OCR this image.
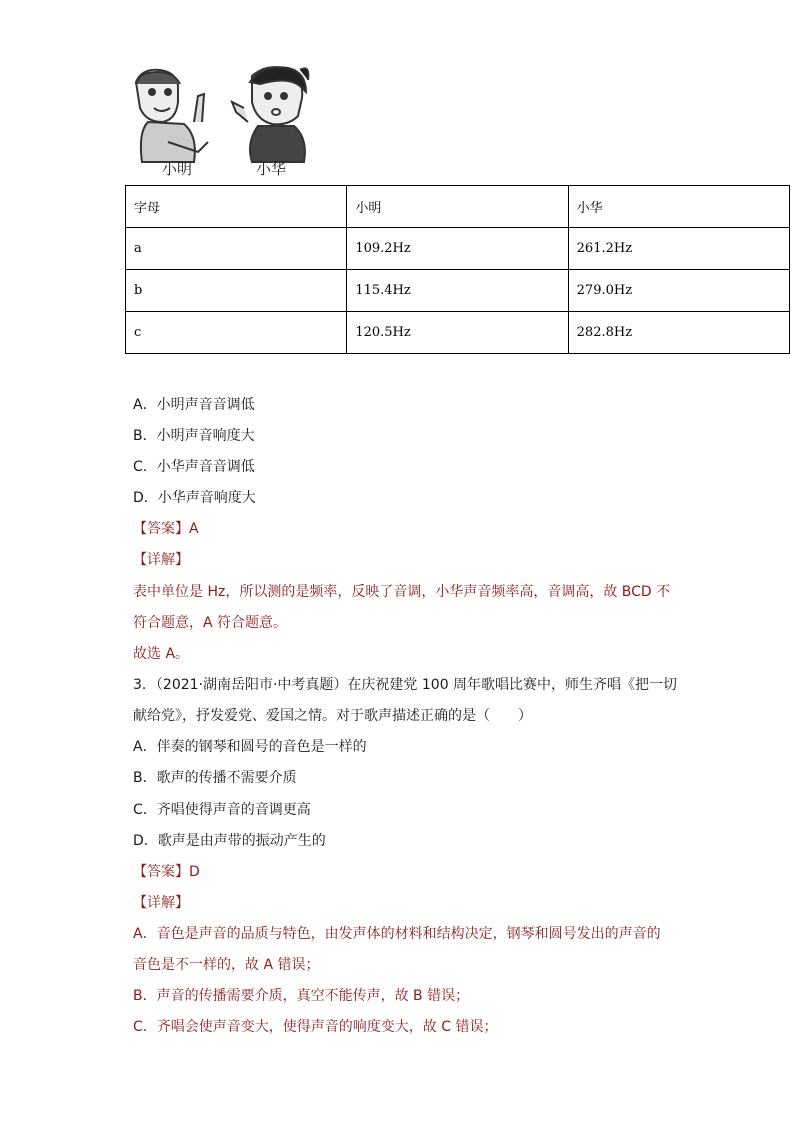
小明	小华
字母	小明	小华
a	109.2Hz	261.2Hz
b	115.4Hz	279.0Hz
c	120.5Hz	282.8Hz
A．小明声音音调低
B．小明声音响度大
C．小华声音音调低
D．小华声音响度大
【答案】A
【详解】
表中单位是 Hz，所以测的是频率，反映了音调，小华声音频率高，音调高，故 BCD 不
符合题意，A 符合题意。
故选 A。
3．（2021·湖南岳阳市·中考真题）在庆祝建党 100 周年歌唱比赛中，师生齐唱《把一切
献给党》，抒发爱党、爱国之情。对于歌声描述正确的是（　　）
A．伴奏的钢琴和圆号的音色是一样的
B．歌声的传播不需要介质
C．齐唱使得声音的音调更高
D．歌声是由声带的振动产生的
【答案】D
【详解】
A．音色是声音的品质与特色，由发声体的材料和结构决定，钢琴和圆号发出的声音的
音色是不一样的，故 A 错误；
B．声音的传播需要介质，真空不能传声，故 B 错误；
C．齐唱会使声音变大，使得声音的响度变大，故 C 错误；
